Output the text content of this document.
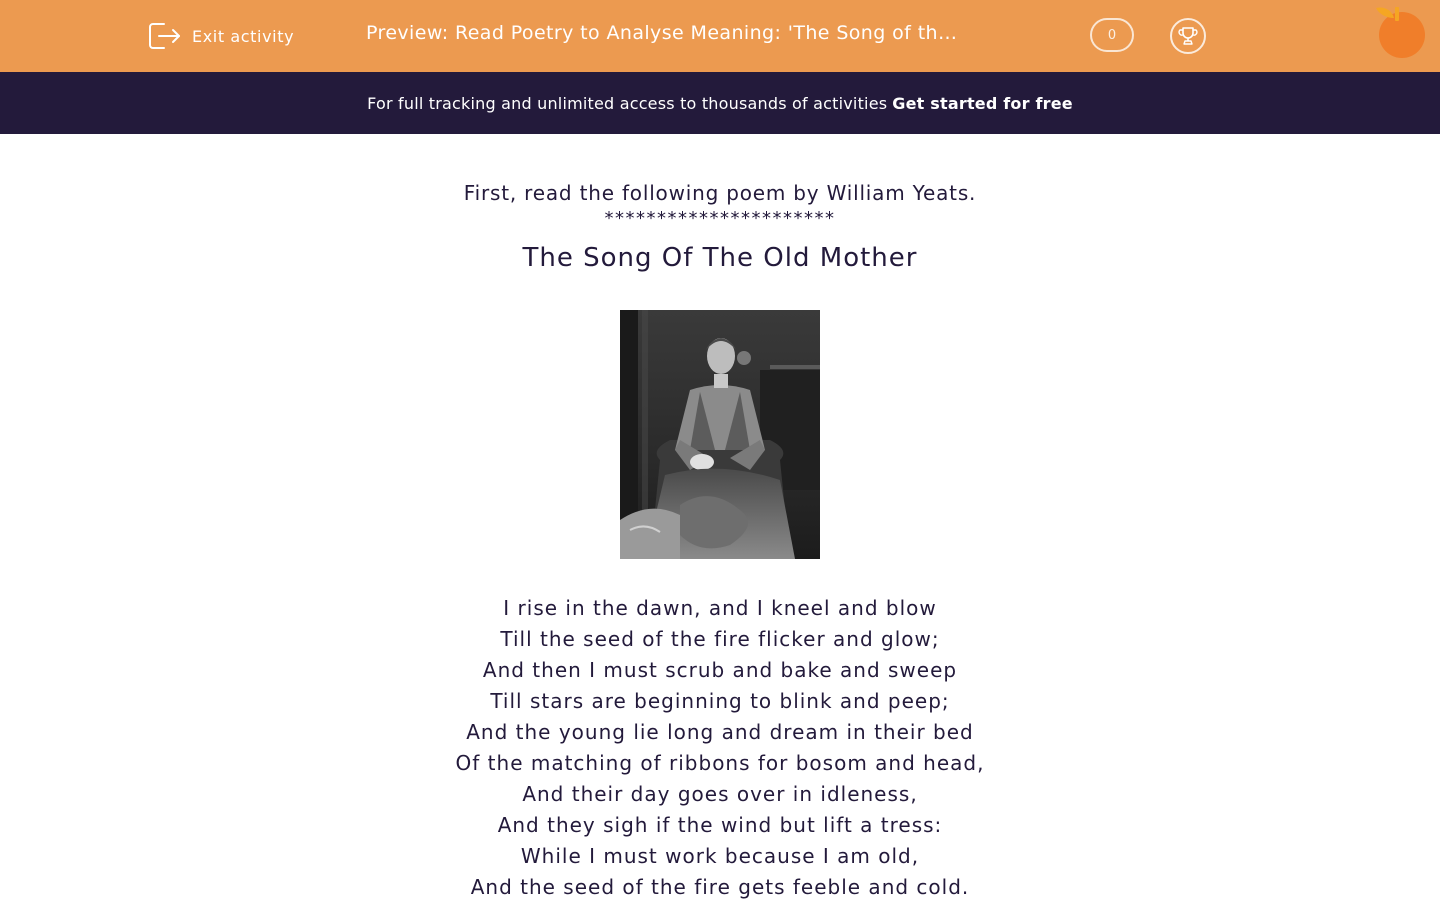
Exit activity	Preview: Read Poetry to Analyse Meaning: 'The Song of th…	0
For full tracking and unlimited access to thousands of activities Get started for free
First, read the following poem by William Yeats.
**********************
The Song Of The Old Mother
I rise in the dawn, and I kneel and blow
Till the seed of the fire flicker and glow;
And then I must scrub and bake and sweep
Till stars are beginning to blink and peep;
And the young lie long and dream in their bed
Of the matching of ribbons for bosom and head,
And their day goes over in idleness,
And they sigh if the wind but lift a tress:
While I must work because I am old,
And the seed of the fire gets feeble and cold.
